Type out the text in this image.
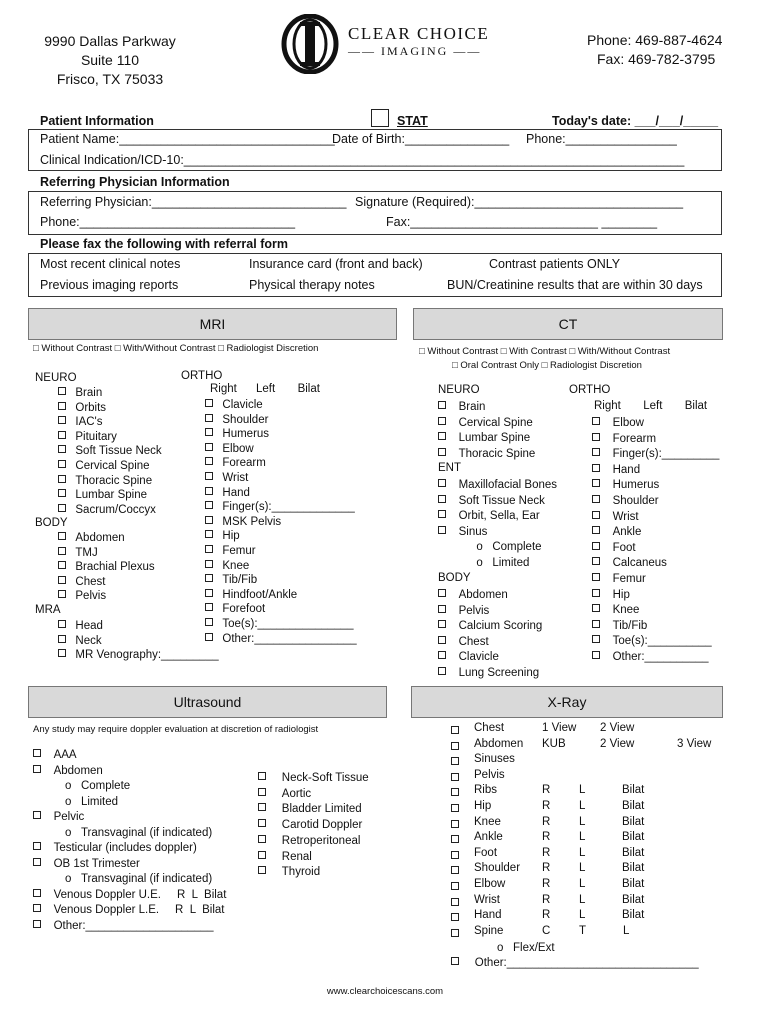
9990 Dallas Parkway
Suite 110
Frisco, TX 75033
CLEAR CHOICE
—— IMAGING ——
Phone: 469-887-4624
Fax: 469-782-3795
Patient Information	STAT	Today's date: ___/___/_____
Patient Name:_______________________________
Date of Birth:_______________ Phone:________________
Clinical Indication/ICD-10:________________________________________________________________________
Referring Physician Information
Referring Physician:____________________________ Signature (Required):______________________________
Phone:_______________________________	Fax:___________________________ ________
Please fax the following with referral form
Most recent clinical notes	Insurance card (front and back)	Contrast patients ONLY
Previous imaging reports	Physical therapy notes	BUN/Creatinine results that are within 30 days
MRI
□ Without Contrast □ With/Without Contrast □ Radiologist Discretion
NEURO
Brain
Orbits
IAC's
Pituitary
Soft Tissue Neck
Cervical Spine
Thoracic Spine
Lumbar Spine
Sacrum/Coccyx
BODY
Abdomen
TMJ
Brachial Plexus
Chest
Pelvis
MRA
Head
Neck
MR Venography:_________
ORTHO
Right      Left       Bilat
Clavicle
Shoulder
Humerus
Elbow
Forearm
Wrist
Hand
Finger(s):_____________
MSK Pelvis
Hip
Femur
Knee
Tib/Fib
Hindfoot/Ankle
Forefoot
Toe(s):_______________
Other:________________
CT
□ Without Contrast □ With Contrast □ With/Without Contrast
□ Oral Contrast Only □ Radiologist Discretion
NEURO
Brain
Cervical Spine
Lumbar Spine
Thoracic Spine
ENT
Maxillofacial Bones
Soft Tissue Neck
Orbit, Sella, Ear
Sinus
o   Complete
o   Limited
BODY
Abdomen
Pelvis
Calcium Scoring
Chest
Clavicle
Lung Screening
ORTHO
Right       Left       Bilat
Elbow
Forearm
Finger(s):_________
Hand
Humerus
Shoulder
Wrist
Ankle
Foot
Calcaneus
Femur
Hip
Knee
Tib/Fib
Toe(s):__________
Other:__________
Ultrasound
Any study may require doppler evaluation at discretion of radiologist
AAA
Abdomen
o   Complete
o   Limited
Pelvic
o   Transvaginal (if indicated)
Testicular (includes doppler)
OB 1st Trimester
o   Transvaginal (if indicated)
Venous Doppler U.E.     R  L  Bilat
Venous Doppler L.E.     R  L  Bilat
Other:____________________
Neck-Soft Tissue
Aortic
Bladder Limited
Carotid Doppler
Retroperitoneal
Renal
Thyroid
X-Ray
Chest	1 View 2 View
Abdomen KUB	2 View	3 View
Sinuses
Pelvis
Ribs	R L	Bilat
Hip	R L	Bilat
Knee	R L	Bilat
Ankle	R L	Bilat
Foot	R L	Bilat
Shoulder R L	Bilat
Elbow	R L	Bilat
Wrist	R L	Bilat
Hand	R L	Bilat
Spine	C T	L
o   Flex/Ext
Other:______________________________
www.clearchoicescans.com
